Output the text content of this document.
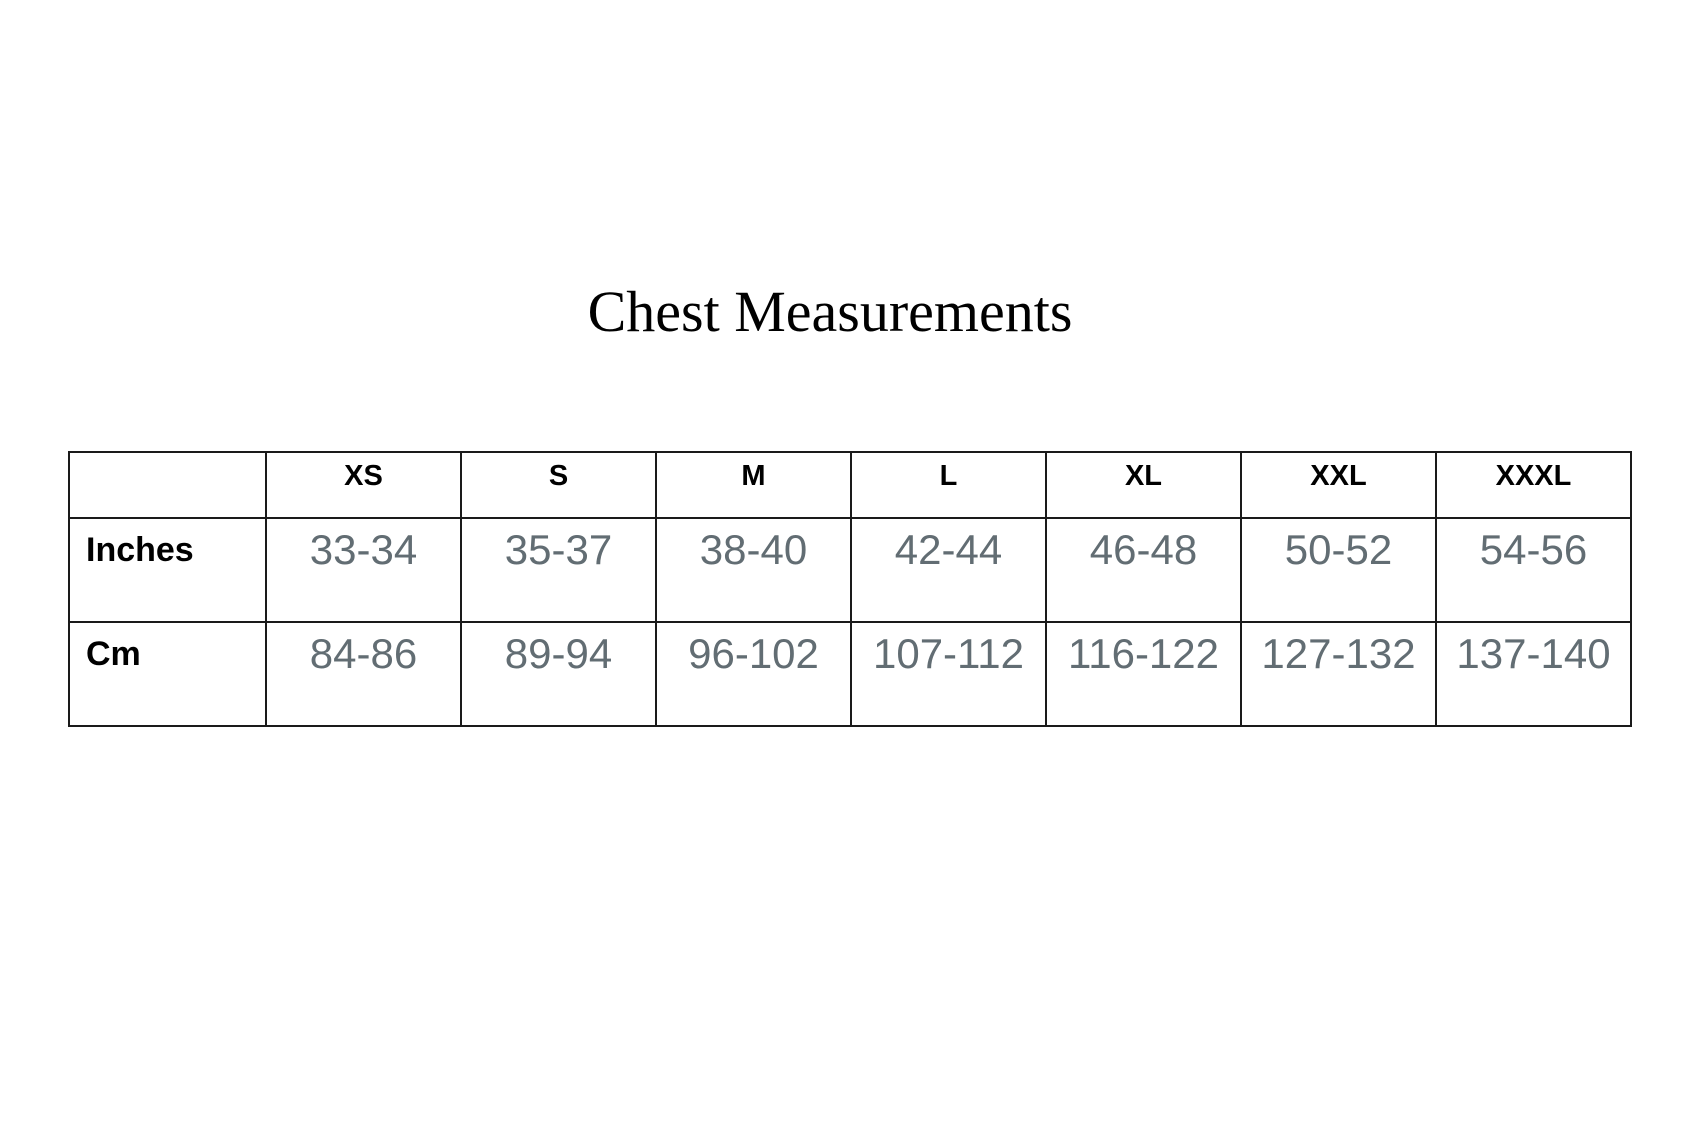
Chest Measurements

	XS	S	M	L	XL	XXL	XXXL

Inches	33-34	35-37	38-40	42-44	46-48	50-52	54-56

Cm	84-86	89-94	96-102	107-112	116-122	127-132	137-140
